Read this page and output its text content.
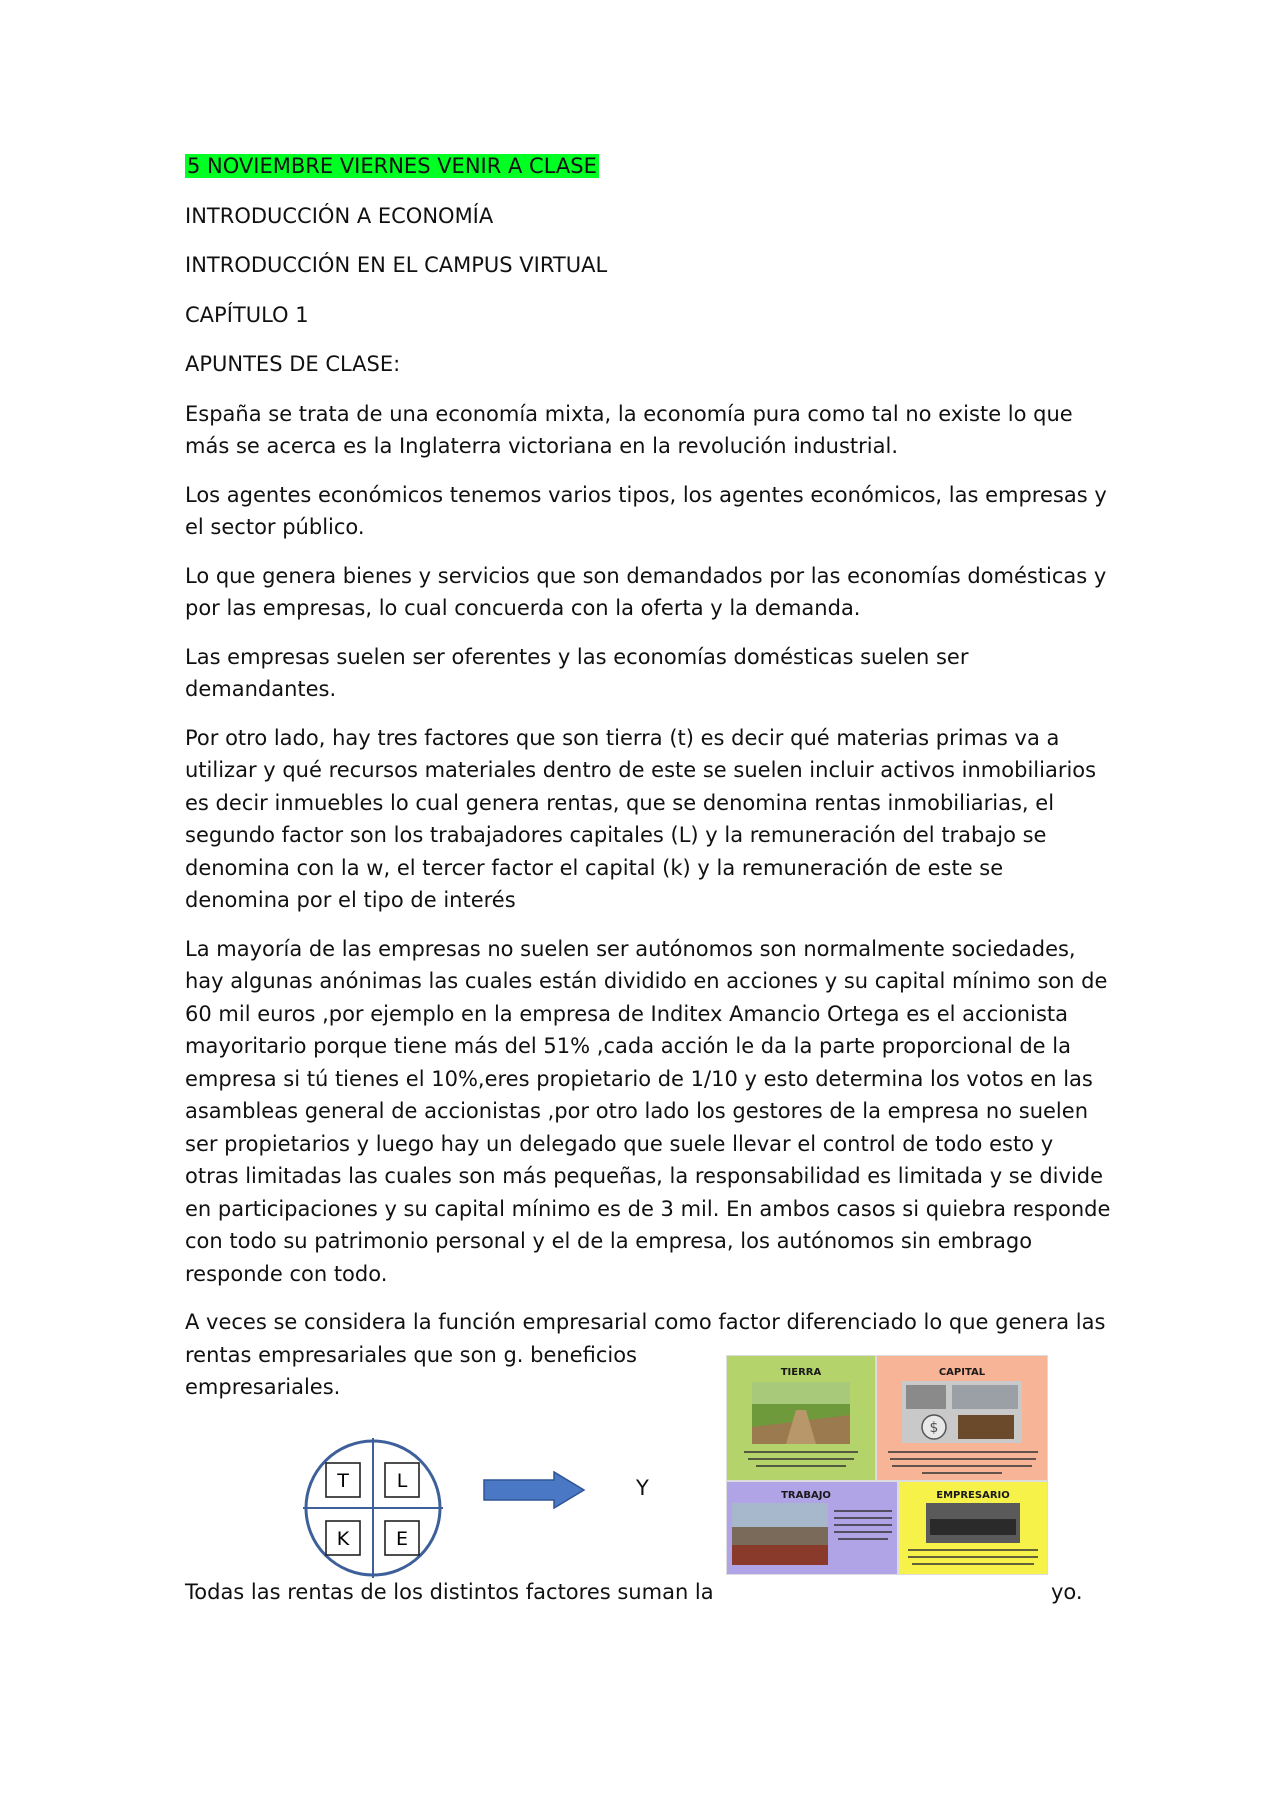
5 NOVIEMBRE VIERNES VENIR A CLASE
INTRODUCCIÓN A ECONOMÍA
INTRODUCCIÓN EN EL CAMPUS VIRTUAL
CAPÍTULO 1
APUNTES DE CLASE:
España se trata de una economía mixta, la economía pura como tal no existe lo que
más se acerca es la Inglaterra victoriana en la revolución industrial.
Los agentes económicos tenemos varios tipos, los agentes económicos, las empresas y
el sector público.
Lo que genera bienes y servicios que son demandados por las economías domésticas y
por las empresas, lo cual concuerda con la oferta y la demanda.
Las empresas suelen ser oferentes y las economías domésticas suelen ser
demandantes.
Por otro lado, hay tres factores que son tierra (t) es decir qué materias primas va a
utilizar y qué recursos materiales dentro de este se suelen incluir activos inmobiliarios
es decir inmuebles lo cual genera rentas, que se denomina rentas inmobiliarias, el
segundo factor son los trabajadores capitales (L) y la remuneración del trabajo se
denomina con la w, el tercer factor el capital (k) y la remuneración de este se
denomina por el tipo de interés
La mayoría de las empresas no suelen ser autónomos son normalmente sociedades,
hay algunas anónimas las cuales están dividido en acciones y su capital mínimo son de
60 mil euros ,por ejemplo en la empresa de Inditex Amancio Ortega es el accionista
mayoritario porque tiene más del 51% ,cada acción le da la parte proporcional de la
empresa si tú tienes el 10%,eres propietario de 1/10 y esto determina los votos en las
asambleas general de accionistas ,por otro lado los gestores de la empresa no suelen
ser propietarios y luego hay un delegado que suele llevar el control de todo esto y
otras limitadas las cuales son más pequeñas, la responsabilidad es limitada y se divide
en participaciones y su capital mínimo es de 3 mil. En ambos casos si quiebra responde
con todo su patrimonio personal y el de la empresa, los autónomos sin embrago
responde con todo.
A veces se considera la función empresarial como factor diferenciado lo que genera las
rentas empresariales que son g. beneficios
empresariales.
T	L
K E
Y
TIERRA	CAPITAL
$
TRABAJO	EMPRESARIO
Todas las rentas de los distintos factores suman la	yo.
